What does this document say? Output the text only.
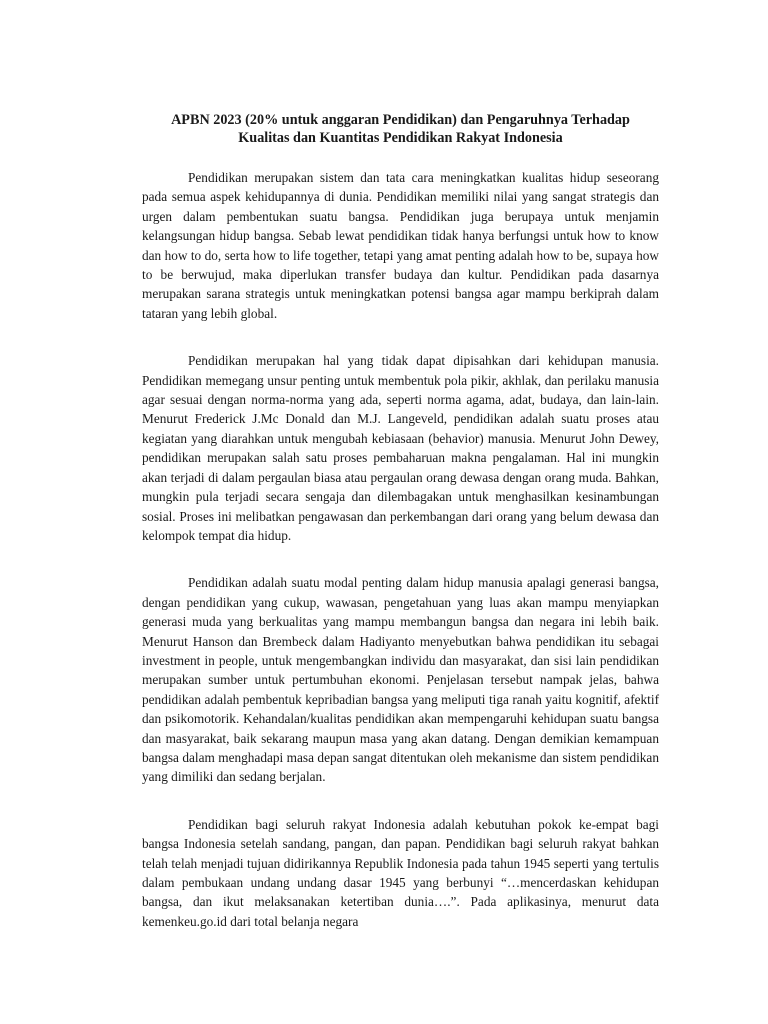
APBN 2023 (20% untuk anggaran Pendidikan) dan Pengaruhnya Terhadap
Kualitas dan Kuantitas Pendidikan Rakyat Indonesia

Pendidikan merupakan sistem dan tata cara meningkatkan kualitas hidup seseorang pada semua aspek kehidupannya di dunia. Pendidikan memiliki nilai yang sangat strategis dan urgen dalam pembentukan suatu bangsa. Pendidikan juga berupaya untuk menjamin kelangsungan hidup bangsa. Sebab lewat pendidikan tidak hanya berfungsi untuk how to know dan how to do, serta how to life together, tetapi yang amat penting adalah how to be, supaya how to be berwujud, maka diperlukan transfer budaya dan kultur. Pendidikan pada dasarnya merupakan sarana strategis untuk meningkatkan potensi bangsa agar mampu berkiprah dalam tataran yang lebih global.

Pendidikan merupakan hal yang tidak dapat dipisahkan dari kehidupan manusia. Pendidikan memegang unsur penting untuk membentuk pola pikir, akhlak, dan perilaku manusia agar sesuai dengan norma-norma yang ada, seperti norma agama, adat, budaya, dan lain-lain. Menurut Frederick J.Mc Donald dan M.J. Langeveld, pendidikan adalah suatu proses atau kegiatan yang diarahkan untuk mengubah kebiasaan (behavior) manusia. Menurut John Dewey, pendidikan merupakan salah satu proses pembaharuan makna pengalaman. Hal ini mungkin akan terjadi di dalam pergaulan biasa atau pergaulan orang dewasa dengan orang muda. Bahkan, mungkin pula terjadi secara sengaja dan dilembagakan untuk menghasilkan kesinambungan sosial. Proses ini melibatkan pengawasan dan perkembangan dari orang yang belum dewasa dan kelompok tempat dia hidup.

Pendidikan adalah suatu modal penting dalam hidup manusia apalagi generasi bangsa, dengan pendidikan yang cukup, wawasan, pengetahuan yang luas akan mampu menyiapkan generasi muda yang berkualitas yang mampu membangun bangsa dan negara ini lebih baik. Menurut Hanson dan Brembeck dalam Hadiyanto menyebutkan bahwa pendidikan itu sebagai investment in people, untuk mengembangkan individu dan masyarakat, dan sisi lain pendidikan merupakan sumber untuk pertumbuhan ekonomi. Penjelasan tersebut nampak jelas, bahwa pendidikan adalah pembentuk kepribadian bangsa yang meliputi tiga ranah yaitu kognitif, afektif dan psikomotorik. Kehandalan/kualitas pendidikan akan mempengaruhi kehidupan suatu bangsa dan masyarakat, baik sekarang maupun masa yang akan datang. Dengan demikian kemampuan bangsa dalam menghadapi masa depan sangat ditentukan oleh mekanisme dan sistem pendidikan yang dimiliki dan sedang berjalan.

Pendidikan bagi seluruh rakyat Indonesia adalah kebutuhan pokok ke-empat bagi bangsa Indonesia setelah sandang, pangan, dan papan. Pendidikan bagi seluruh rakyat bahkan telah telah menjadi tujuan didirikannya Republik Indonesia pada tahun 1945 seperti yang tertulis dalam pembukaan undang undang dasar 1945 yang berbunyi “…mencerdaskan kehidupan bangsa, dan ikut melaksanakan ketertiban dunia….”. Pada aplikasinya, menurut data kemenkeu.go.id dari total belanja negara
